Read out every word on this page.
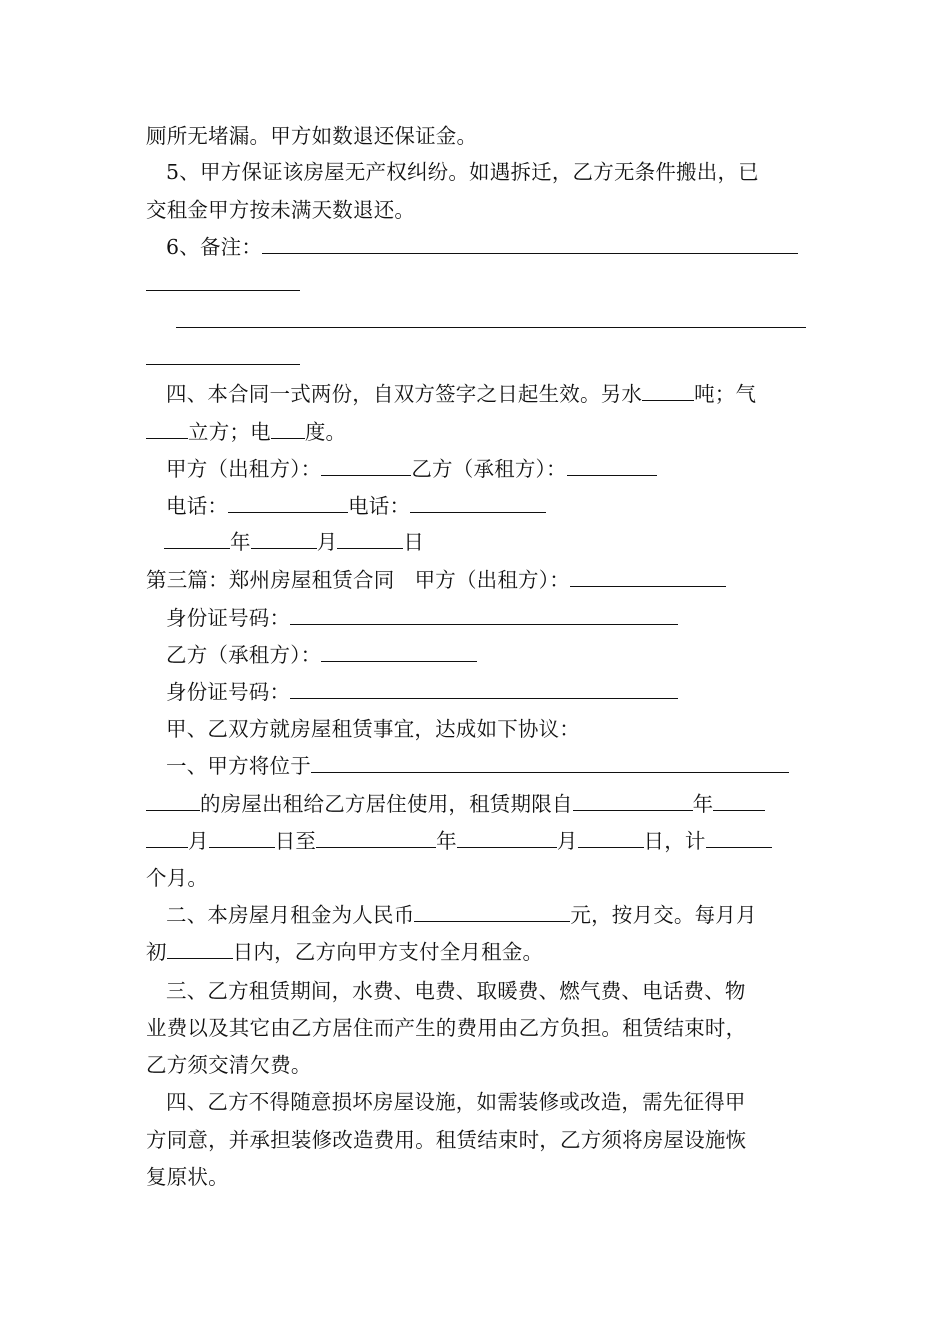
厕所无堵漏。甲方如数退还保证金。
5、甲方保证该房屋无产权纠纷。如遇拆迁，乙方无条件搬出，已
交租金甲方按未满天数退还。
6、备注：
四、本合同一式两份，自双方签字之日起生效。另水	吨；气
立方；电 度。
甲方（出租方）：	乙方（承租方）：
电话：	电话：
年	月	日
第三篇：郑州房屋租赁合同 甲方（出租方）：
身份证号码：
乙方（承租方）：
身份证号码：
甲、乙双方就房屋租赁事宜，达成如下协议：
一、甲方将位于
的房屋出租给乙方居住使用，租赁期限自	年
月	日至	年	月	日，计
个月。
二、本房屋月租金为人民币	元，按月交。每月月
初	日内，乙方向甲方支付全月租金。
三、乙方租赁期间，水费、电费、取暖费、燃气费、电话费、物
业费以及其它由乙方居住而产生的费用由乙方负担。租赁结束时，
乙方须交清欠费。
四、乙方不得随意损坏房屋设施，如需装修或改造，需先征得甲
方同意，并承担装修改造费用。租赁结束时，乙方须将房屋设施恢
复原状。
